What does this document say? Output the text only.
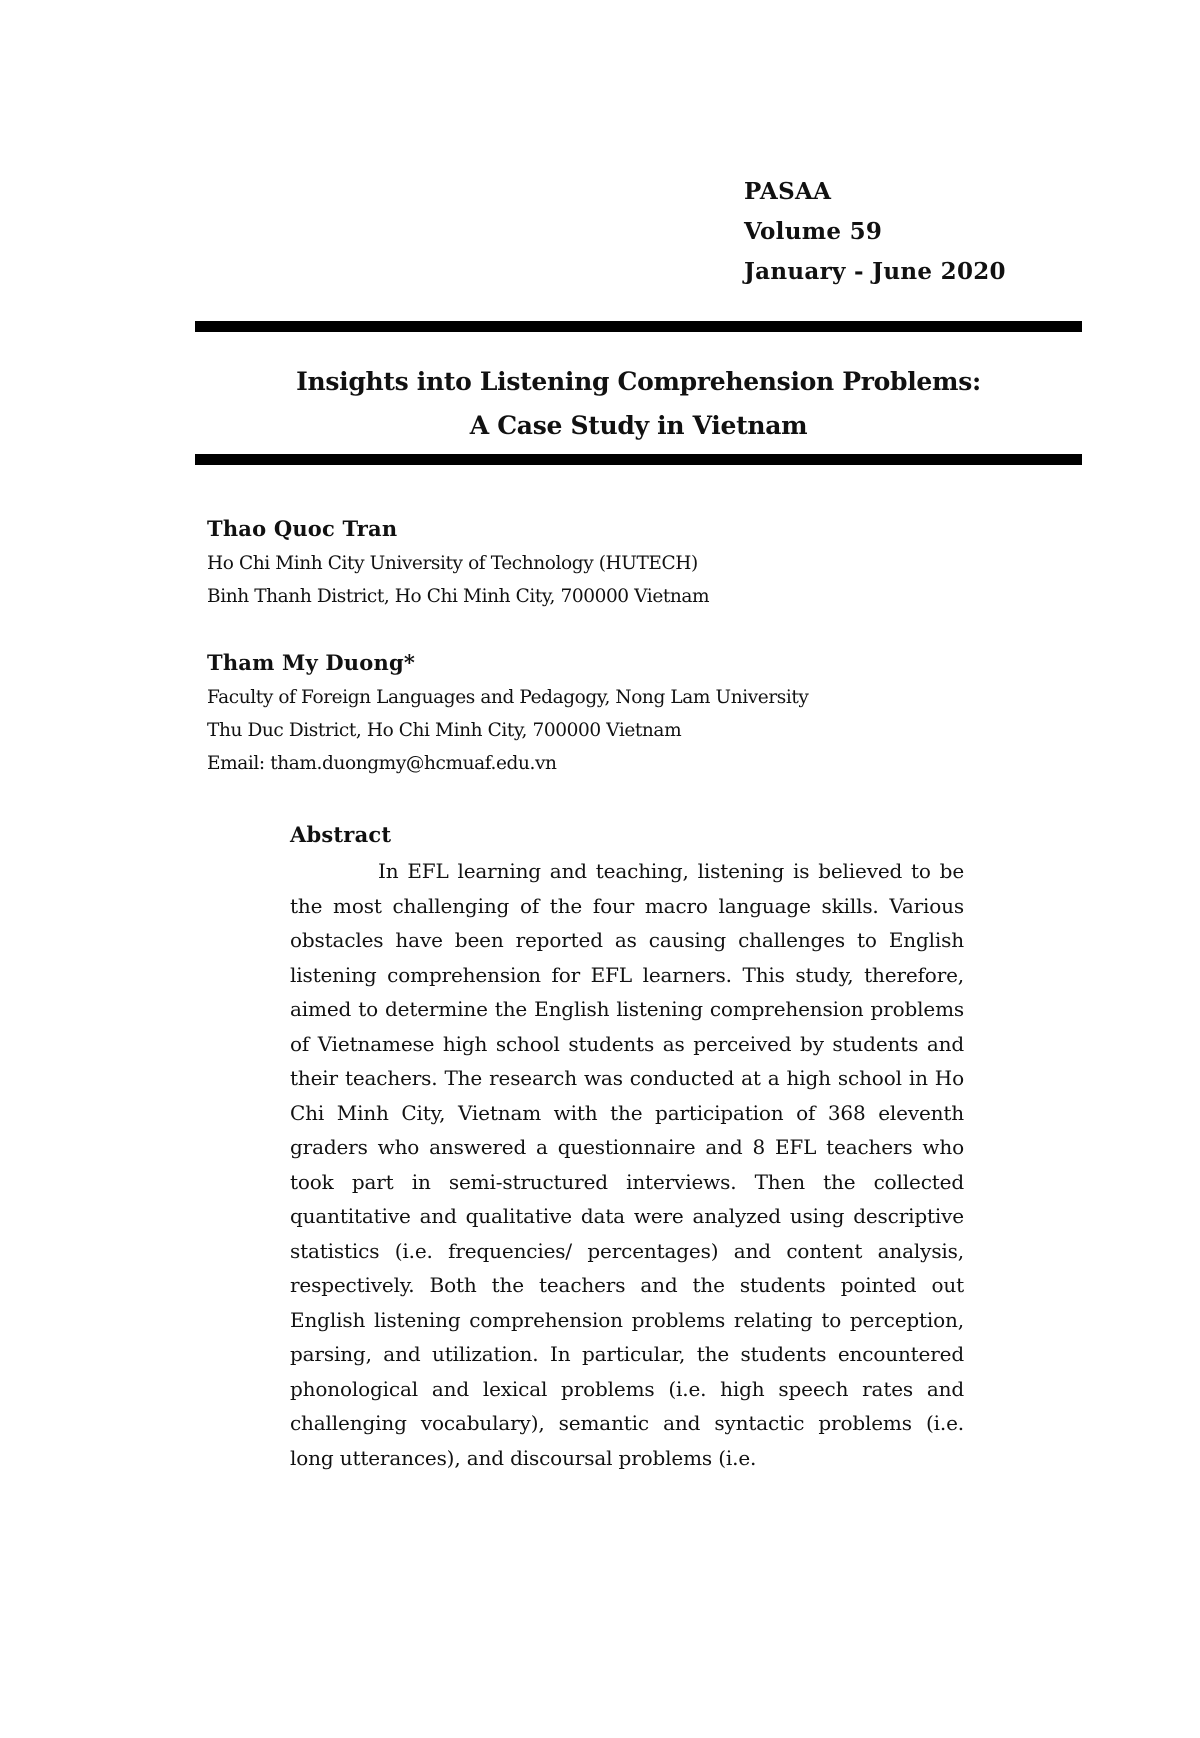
PASAA
Volume 59
January - June 2020
Insights into Listening Comprehension Problems:
A Case Study in Vietnam
Thao Quoc Tran
Ho Chi Minh City University of Technology (HUTECH)
Binh Thanh District, Ho Chi Minh City, 700000 Vietnam
Tham My Duong*
Faculty of Foreign Languages and Pedagogy, Nong Lam University
Thu Duc District, Ho Chi Minh City, 700000 Vietnam
Email: tham.duongmy@hcmuaf.edu.vn
Abstract

In EFL learning and teaching, listening is believed to be the most challenging of the four macro language skills. Various obstacles have been reported as causing challenges to English listening comprehension for EFL learners. This study, therefore, aimed to determine the English listening comprehension problems of Vietnamese high school students as perceived by students and their teachers. The research was conducted at a high school in Ho Chi Minh City, Vietnam with the participation of 368 eleventh graders who answered a questionnaire and 8 EFL teachers who took part in semi-structured interviews. Then the collected quantitative and qualitative data were analyzed using descriptive statistics (i.e. frequencies/ percentages) and content analysis, respectively. Both the teachers and the students pointed out English listening comprehension problems relating to perception, parsing, and utilization. In particular, the students encountered phonological and lexical problems (i.e. high speech rates and challenging vocabulary), semantic and syntactic problems (i.e. long utterances), and discoursal problems (i.e.
